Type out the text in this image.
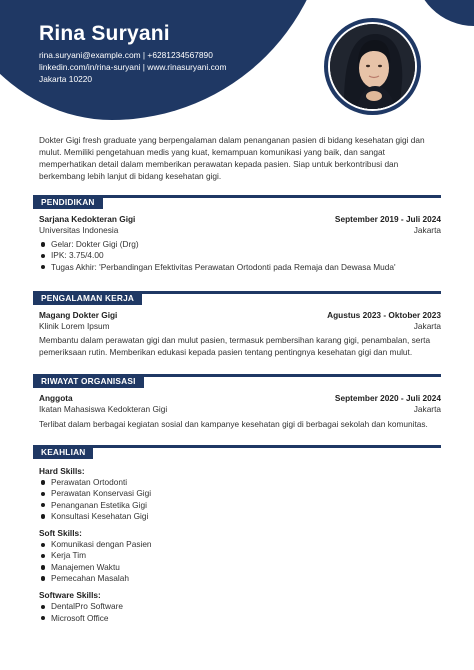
Rina Suryani
rina.suryani@example.com | +6281234567890
linkedin.com/in/rina-suryani | www.rinasuryani.com
Jakarta 10220
Dokter Gigi fresh graduate yang berpengalaman dalam penanganan pasien di bidang kesehatan gigi dan mulut. Memiliki pengetahuan medis yang kuat, kemampuan komunikasi yang baik, dan sangat memperhatikan detail dalam memberikan perawatan kepada pasien. Siap untuk berkontribusi dan berkembang lebih lanjut di bidang kesehatan gigi.
PENDIDIKAN
Sarjana Kedokteran Gigi	September 2019 - Juli 2024
Universitas Indonesia	Jakarta
Gelar: Dokter Gigi (Drg)
IPK: 3.75/4.00
Tugas Akhir: 'Perbandingan Efektivitas Perawatan Ortodonti pada Remaja dan Dewasa Muda'
PENGALAMAN KERJA
Magang Dokter Gigi	Agustus 2023 - Oktober 2023
Klinik Lorem Ipsum	Jakarta
Membantu dalam perawatan gigi dan mulut pasien, termasuk pembersihan karang gigi, penambalan, serta pemeriksaan rutin. Memberikan edukasi kepada pasien tentang pentingnya kesehatan gigi dan mulut.
RIWAYAT ORGANISASI
Anggota	September 2020 - Juli 2024
Ikatan Mahasiswa Kedokteran Gigi	Jakarta
Terlibat dalam berbagai kegiatan sosial dan kampanye kesehatan gigi di berbagai sekolah dan komunitas.
KEAHLIAN
Hard Skills:
Perawatan Ortodonti
Perawatan Konservasi Gigi
Penanganan Estetika Gigi
Konsultasi Kesehatan Gigi
Soft Skills:
Komunikasi dengan Pasien
Kerja Tim
Manajemen Waktu
Pemecahan Masalah
Software Skills:
DentalPro Software
Microsoft Office
